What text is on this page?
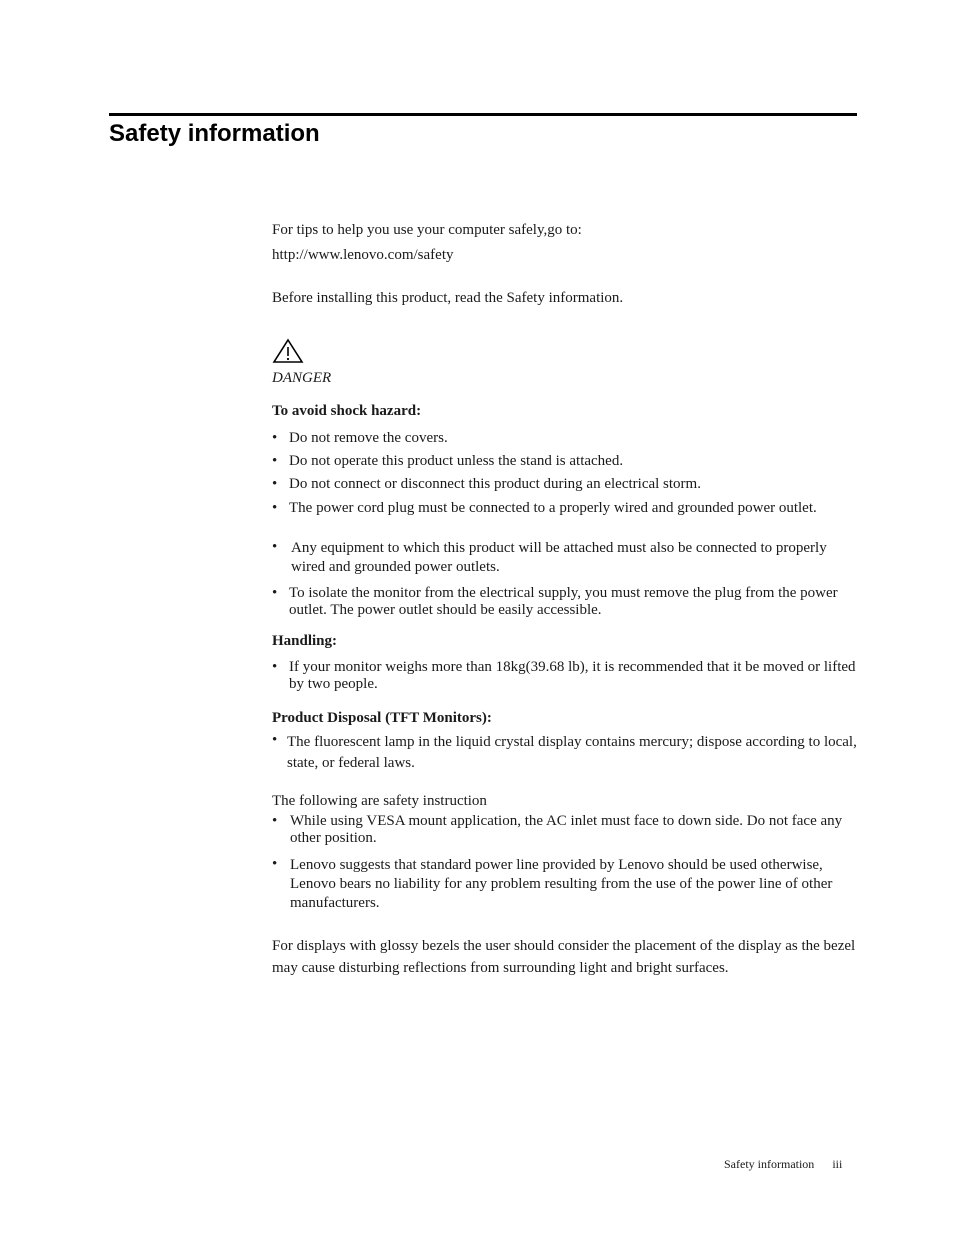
Safety information

For tips to help you use your computer safely,go to:

http://www.lenovo.com/safety

Before installing this product, read the Safety information.

DANGER

To avoid shock hazard:

• Do not remove the covers.
• Do not operate this product unless the stand is attached.
• Do not connect or disconnect this product during an electrical storm.
• The power cord plug must be connected to a properly wired and grounded power outlet.
• Any equipment to which this product will be attached must also be connected to properly wired and grounded power outlets.
• To isolate the monitor from the electrical supply, you must remove the plug from the power outlet. The power outlet should be easily accessible.

Handling:

• If your monitor weighs more than 18kg(39.68 lb), it is recommended that it be moved or lifted by two people.

Product Disposal (TFT Monitors):

• The fluorescent lamp in the liquid crystal display contains mercury; dispose according to local, state, or federal laws.

The following are safety instruction

• While using VESA mount application, the AC inlet must face to down side. Do not face any other position.
• Lenovo suggests that standard power line provided by Lenovo should be used otherwise, Lenovo bears no liability for any problem resulting from the use of the power line of other manufacturers.

For displays with glossy bezels the user should consider the placement of the display as the bezel may cause disturbing reflections from surrounding light and bright surfaces.

Safety information iii
